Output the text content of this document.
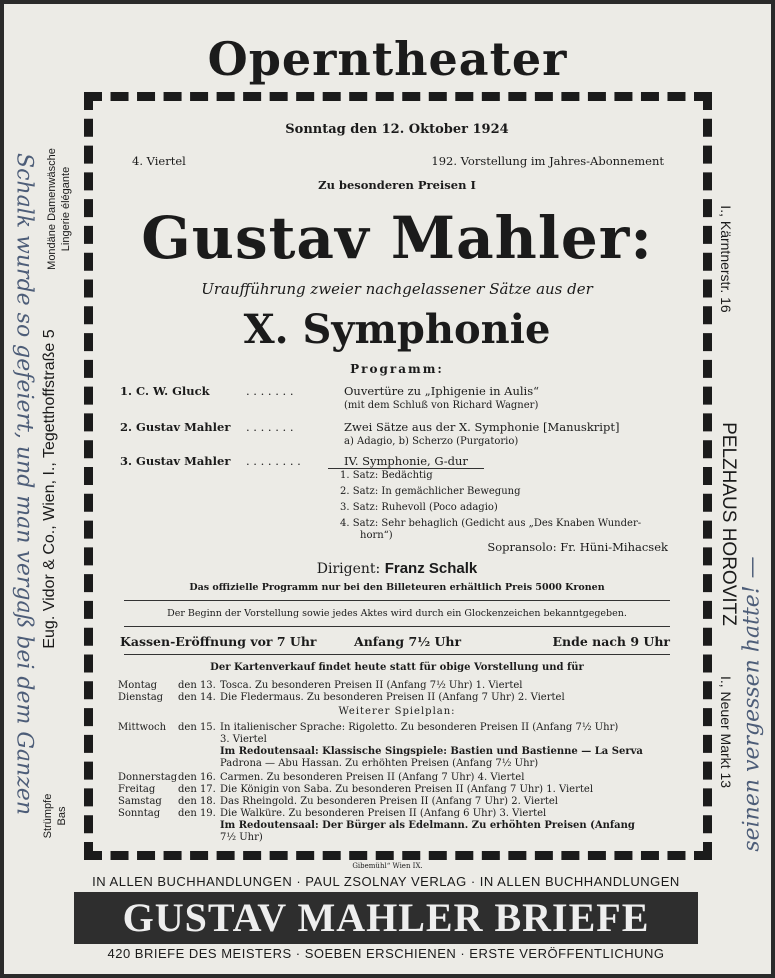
Operntheater
Sonntag den 12. Oktober 1924
4. Viertel	192. Vorstellung im Jahres-Abonnement
Zu besonderen Preisen I
Gustav Mahler:
Uraufführung zweier nachgelassener Sätze aus der
X. Symphonie
Programm:
1. C. W. Gluck	. . . . . . .	Ouvertüre zu „Iphigenie in Aulis“
(mit dem Schluß von Richard Wagner)
2. Gustav Mahler . . . . . . .	Zwei Sätze aus der X. Symphonie [Manuskript]
a) Adagio, b) Scherzo (Purgatorio)
3. Gustav Mahler . . . . . . . .	IV. Symphonie, G-dur
1. Satz: Bedächtig
2. Satz: In gemächlicher Bewegung
3. Satz: Ruhevoll (Poco adagio)
4. Satz: Sehr behaglich (Gedicht aus „Des Knaben Wunder-
horn“)
Sopransolo: Fr. Hüni-Mihacsek
Dirigent: Franz Schalk
Das offizielle Programm nur bei den Billeteuren erhältlich Preis 5000 Kronen
Der Beginn der Vorstellung sowie jedes Aktes wird durch ein Glockenzeichen bekanntgegeben.
Kassen-Eröffnung vor 7 Uhr	Anfang 7½ Uhr	Ende nach 9 Uhr
Der Kartenverkauf findet heute statt für obige Vorstellung und für
Montag den 13. Tosca. Zu besonderen Preisen II (Anfang 7½ Uhr) 1. Viertel
Dienstag den 14. Die Fledermaus. Zu besonderen Preisen II (Anfang 7 Uhr) 2. Viertel
Weiterer Spielplan:
Mittwoch den 15. In italienischer Sprache: Rigoletto. Zu besonderen Preisen II (Anfang 7½ Uhr)
3. Viertel
Im Redoutensaal: Klassische Singspiele: Bastien und Bastienne — La Serva
Padrona — Abu Hassan. Zu erhöhten Preisen (Anfang 7½ Uhr)
Donnerstag den 16. Carmen. Zu besonderen Preisen II (Anfang 7 Uhr) 4. Viertel
Freitag den 17. Die Königin von Saba. Zu besonderen Preisen II (Anfang 7 Uhr) 1. Viertel
Samstag den 18. Das Rheingold. Zu besonderen Preisen II (Anfang 7 Uhr) 2. Viertel
Sonntag den 19. Die Walküre. Zu besonderen Preisen II (Anfang 6 Uhr) 3. Viertel
Im Redoutensaal: Der Bürger als Edelmann. Zu erhöhten Preisen (Anfang
7½ Uhr)
Gibemühl“ Wien IX.
Eug. Vidor & Co., Wien, I., Tegetthoffstraße 5
Mondäne Damenwäsche Lingerie élégante
Strümpfe Bas
Schalk wurde so gefeiert, und man vergaß bei dem Ganzen	I., Kärntnerstr. 16
PELZHAUS HOROVITZ
I., Neuer Markt 13 seinen vergessen hatte! —
IN ALLEN BUCHHANDLUNGEN · PAUL ZSOLNAY VERLAG · IN ALLEN BUCHHANDLUNGEN
GUSTAV MAHLER BRIEFE
420 BRIEFE DES MEISTERS · SOEBEN ERSCHIENEN · ERSTE VERÖFFENTLICHUNG
